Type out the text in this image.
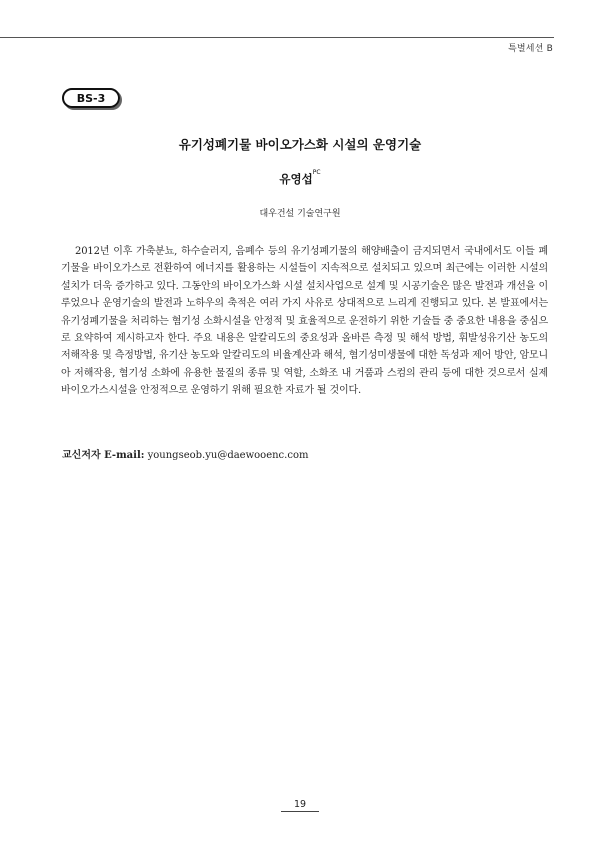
특별세션 B
BS-3
유기성폐기물 바이오가스화 시설의 운영기술
유영섭$^{PC}$
대우건설 기술연구원

2012년 이후 가축분뇨, 하수슬러지, 음폐수 등의 유기성폐기물의 해양배출이 금지되면서 국내에서도 이들 폐기물을 바이오가스로 전환하여 에너지를 활용하는 시설들이 지속적으로 설치되고 있으며 최근에는 이러한 시설의 설치가 더욱 증가하고 있다. 그동안의 바이오가스화 시설 설치사업으로 설계 및 시공기술은 많은 발전과 개선을 이루었으나 운영기술의 발전과 노하우의 축적은 여러 가지 사유로 상대적으로 느리게 진행되고 있다. 본 발표에서는 유기성폐기물을 처리하는 혐기성 소화시설을 안정적 및 효율적으로 운전하기 위한 기술들 중 중요한 내용을 중심으로 요약하여 제시하고자 한다. 주요 내용은 알칼리도의 중요성과 올바른 측정 및 해석 방법, 휘발성유기산 농도의 저해작용 및 측정방법, 유기산 농도와 알칼리도의 비율계산과 해석, 혐기성미생물에 대한 독성과 제어 방안, 암모니아 저해작용, 혐기성 소화에 유용한 물질의 종류 및 역할, 소화조 내 거품과 스컴의 관리 등에 대한 것으로서 실제 바이오가스시설을 안정적으로 운영하기 위해 필요한 자료가 될 것이다.

교신저자 E-mail: youngseob.yu@daewooenc.com
19
